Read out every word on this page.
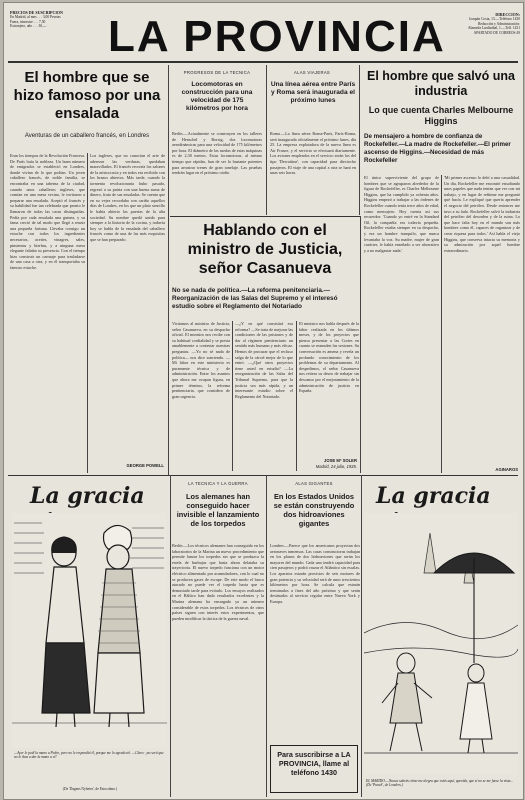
PRECIOS DE SUSCRIPCION
En Madrid, al mes . . . 3,00 Pesetas
Fuera, trimestre . . . 7,50
Extranjero, año . . . 30,—	LA PROVINCIA	DIRECCION:
Joaquín Costa, 13.—Teléfono 1430
Redacción y Administración:
Alameda Lardizábal, 1.—Telf. 1431
APARTADO DE CORREOS 49
El hombre que se hizo famoso por una ensalada
Aventuras de un caballero francés, en Londres
Eran los tiempos de la Revolución Francesa. De París huía la nobleza. Un buen número de emigrados se estableció en Londres, donde vivían de lo que podían. Un joven caballero francés, de noble familia, se encontraba en una taberna de la ciudad, cuando unos caballeros ingleses, que comían en una mesa vecina, le invitaron a preparar una ensalada. Aceptó el francés y su habilidad fue tan celebrada que pronto le llamaron de todas las casas distinguidas. Pedía por cada ensalada una guinea, y su fama creció de tal modo que llegó a reunir una pequeña fortuna. Llevaba consigo un estuche con todos los ingredientes necesarios, aceites, vinagres, sales, pimientas y hierbas, y a ninguna mesa elegante faltaba su presencia. Con el tiempo hizo construir un carruaje para trasladarse de una casa a otra, y en él transportaba su famoso estuche.
Los ingleses, que no conocían el arte de aderezar las verduras, quedaban maravillados. El francés recorría los salones de la aristocracia y en todos era recibido con los brazos abiertos. Más tarde, cuando la tormenta revolucionaria hubo pasado, regresó a su patria con una buena suma de dinero, fruto de sus ensaladas. Se cuenta que en su vejez recordaba con cariño aquellos días de Londres, en los que un plato sencillo le había abierto las puertas de la alta sociedad. Su nombre quedó unido para siempre a la historia de la cocina, y todavía hoy se habla de la ensalada del caballero francés como de una de las más exquisitas que se han preparado.
GEORGE POWELL
PROGRESOS DE LA TECNICA
Locomotoras en construcción para una velocidad de 175 kilómetros por hora
Berlín.—Actualmente se construyen en los talleres de Henschel y Borsig, dos locomotoras aerodinámicas para una velocidad de 175 kilómetros por hora. El diámetro de las ruedas de estas máquinas es de 2,30 metros. Estas locomotoras, al mismo tiempo que rápidas, han de ser lo bastante potentes para arrastrar trenes de gran tonelaje. Las pruebas tendrán lugar en el próximo otoño.
ALAS VIAJERAS
Una línea aérea entre París y Roma será inaugurada el próximo lunes
Roma.—La línea aérea Roma-París, París-Roma, será inaugurada oficialmente el próximo lunes, día 25. La empresa explotadora de la nueva línea es Air France, y el servicio se efectuará diariamente. Los aviones empleados en el servicio serán los del tipo 'Dewoitine', con capacidad para dieciocho pasajeros. El viaje de una capital a otra se hará en unas seis horas.
El hombre que salvó una industria
Lo que cuenta Charles Melbourne Higgins
De mensajero a hombre de confianza de Rockefeller.—La madre de Rockefeller.—El primer ascenso de Higgins.—Necesidad de más Rockefeller
El único superviviente del grupo de hombres que se agruparon alrededor de la figura de Rockefeller, es Charles Melbourne Higgins, que ha cumplido ya ochenta años. Higgins empezó a trabajar a las órdenes de Rockefeller cuando tenía trece años de edad, como mensajero. Hoy cuenta así sus recuerdos: 'Cuando yo entré en la Standard Oil, la compañía era todavía pequeña. Rockefeller estaba siempre en su despacho, y era un hombre tranquilo, que nunca levantaba la voz. Su madre, mujer de gran carácter, le había enseñado a ser ahorrativo y a no malgastar nada.'
'Mi primer ascenso lo debí a una casualidad. Un día, Rockefeller me encontró estudiando unos papeles que nada tenían que ver con mi trabajo, y en lugar de reñirme me preguntó qué hacía. Le expliqué que quería aprender el negocio del petróleo. Desde entonces me tuvo a su lado. Rockefeller salvó la industria del petróleo del desorden y de la ruina. Lo que hace falta hoy en el mundo son más hombres como él, capaces de organizar y de crear riqueza para todos.' Así habla el viejo Higgins, que conserva intacta su memoria y su admiración por aquel hombre extraordinario.
AGINAROS
Hablando con el ministro de Justicia, señor Casanueva
No se nada de política.—La reforma penitenciaria.—Reorganización de las Salas del Supremo y el interesó estudio sobre el Reglamento del Notariado
Visitamos al ministro de Justicia, señor Casanueva, en su despacho oficial. El ministro nos recibe con su habitual cordialidad y se presta amablemente a contestar nuestras preguntas. —Yo no sé nada de política— nos dice sonriendo. —Mi labor en este ministerio es puramente técnica y de administración. Entre los asuntos que ahora me ocupan figura, en primer término, la reforma penitenciaria, que considero de gran urgencia.
—¿Y en qué consistirá esa reforma? —Se trata de mejorar las condiciones de las prisiones y de dar al régimen penitenciario un sentido más humano y más eficaz. Hemos de procurar que el recluso salga de la cárcel mejor de lo que entró. —¿Qué otros proyectos tiene usted en estudio? —La reorganización de las Salas del Tribunal Supremo, para que la justicia sea más rápida, y un interesante estudio sobre el Reglamento del Notariado.
El ministro nos habla después de la labor realizada en los últimos meses, y de los proyectos que piensa presentar a las Cortes en cuanto se reanuden las sesiones. Su conversación es amena y revela un profundo conocimiento de los problemas de su departamento. Al despedirnos, el señor Casanueva nos reitera su deseo de trabajar sin descanso por el mejoramiento de la administración de justicia en España.
JOSE Mª SOLER
Madrid, 24 julio, 1935.
La gracia
—Ayer le pedí la mano a Pedro, pero no le respondió él, porque me lo agradeció. —Claro: ¡no será que no le ibas a dar la mano a el!
(De 'Dagens Nyheter', de Estocolmo.)
LA TECNICA Y LA GUERRA
Los alemanes han conseguido hacer invisible el lanzamiento de los torpedos
Berlín.—Los técnicos alemanes han conseguido en los laboratorios de la Marina un nuevo procedimiento que permite lanzar los torpedos sin que se produzca la estela de burbujas que hasta ahora delataba su trayectoria. El nuevo torpedo funciona con un motor eléctrico alimentado por acumuladores, con lo cual no se producen gases de escape. De este modo el barco atacado no puede ver el torpedo hasta que es demasiado tarde para evitarlo. Los ensayos realizados en el Báltico han dado resultados excelentes y la Marina alemana ha encargado ya un número considerable de estos torpedos. Los técnicos de otros países siguen con interés estos experimentos, que pueden modificar la táctica de la guerra naval.
ALAS GIGANTES
En los Estados Unidos se están construyendo dos hidroaviones gigantes
Londres.—Parece que los americanos proyectan dos aeronaves inmensas. Las casas constructoras trabajan en los planos de dos hidroaviones que serán los mayores del mundo. Cada uno tendrá capacidad para cien pasajeros y podrá cruzar el Atlántico sin escalas. Los aparatos estarán provistos de seis motores de gran potencia y su velocidad será de unos trescientos kilómetros por hora. Se calcula que estarán terminados a fines del año próximo y que serán destinados al servicio regular entre Nueva York y Europa.
Para suscribirse a LA PROVINCIA, llame al teléfono 1430
La gracia
EL MARIDO.—Nunca sabrás cómo me alegra que estés aquí, querida, que si no se me fuese la vista... (De 'Punch', de Londres.)
